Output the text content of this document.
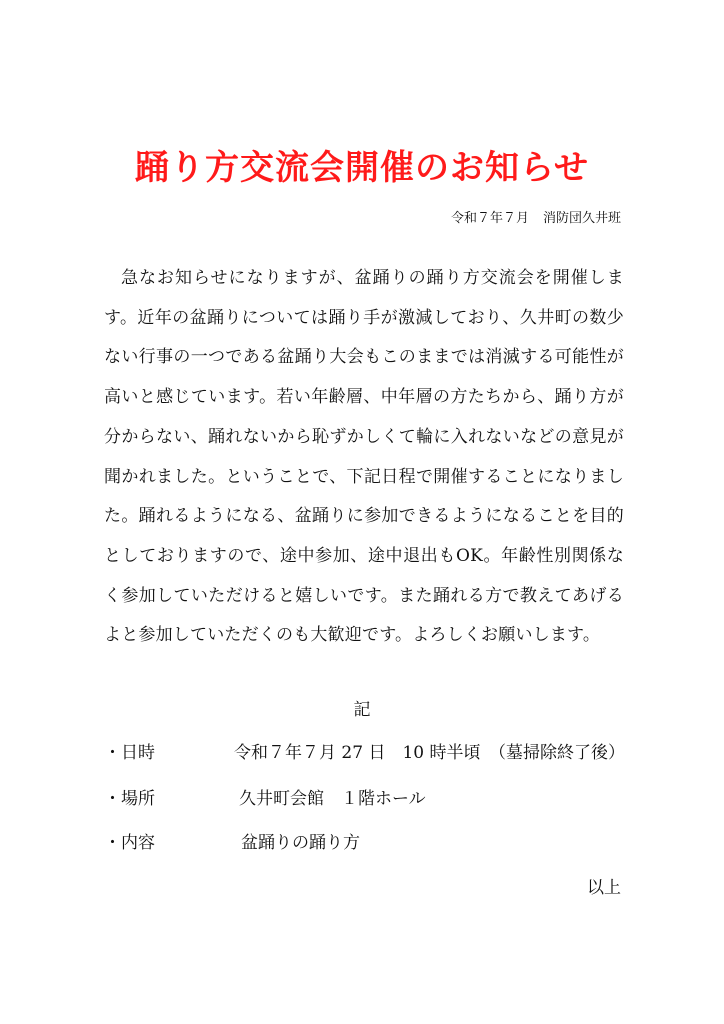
踊り方交流会開催のお知らせ
令和７年７月 消防団久井班
急なお知らせになりますが、盆踊りの踊り方交流会を開催します。近年の盆踊りについては踊り手が激減しており、久井町の数少ない行事の一つである盆踊り大会もこのままでは消滅する可能性が高いと感じています。若い年齢層、中年層の方たちから、踊り方が分からない、踊れないから恥ずかしくて輪に入れないなどの意見が聞かれました。ということで、下記日程で開催することになりました。踊れるようになる、盆踊りに参加できるようになることを目的としておりますので、途中参加、途中退出もOK。年齢性別関係なく参加していただけると嬉しいです。また踊れる方で教えてあげるよと参加していただくのも大歓迎です。よろしくお願いします。
記
・日時	令和７年７月 27 日　10 時半頃　（墓掃除終了後）
・場所	久井町会館　１階ホール
・内容	盆踊りの踊り方
以上
